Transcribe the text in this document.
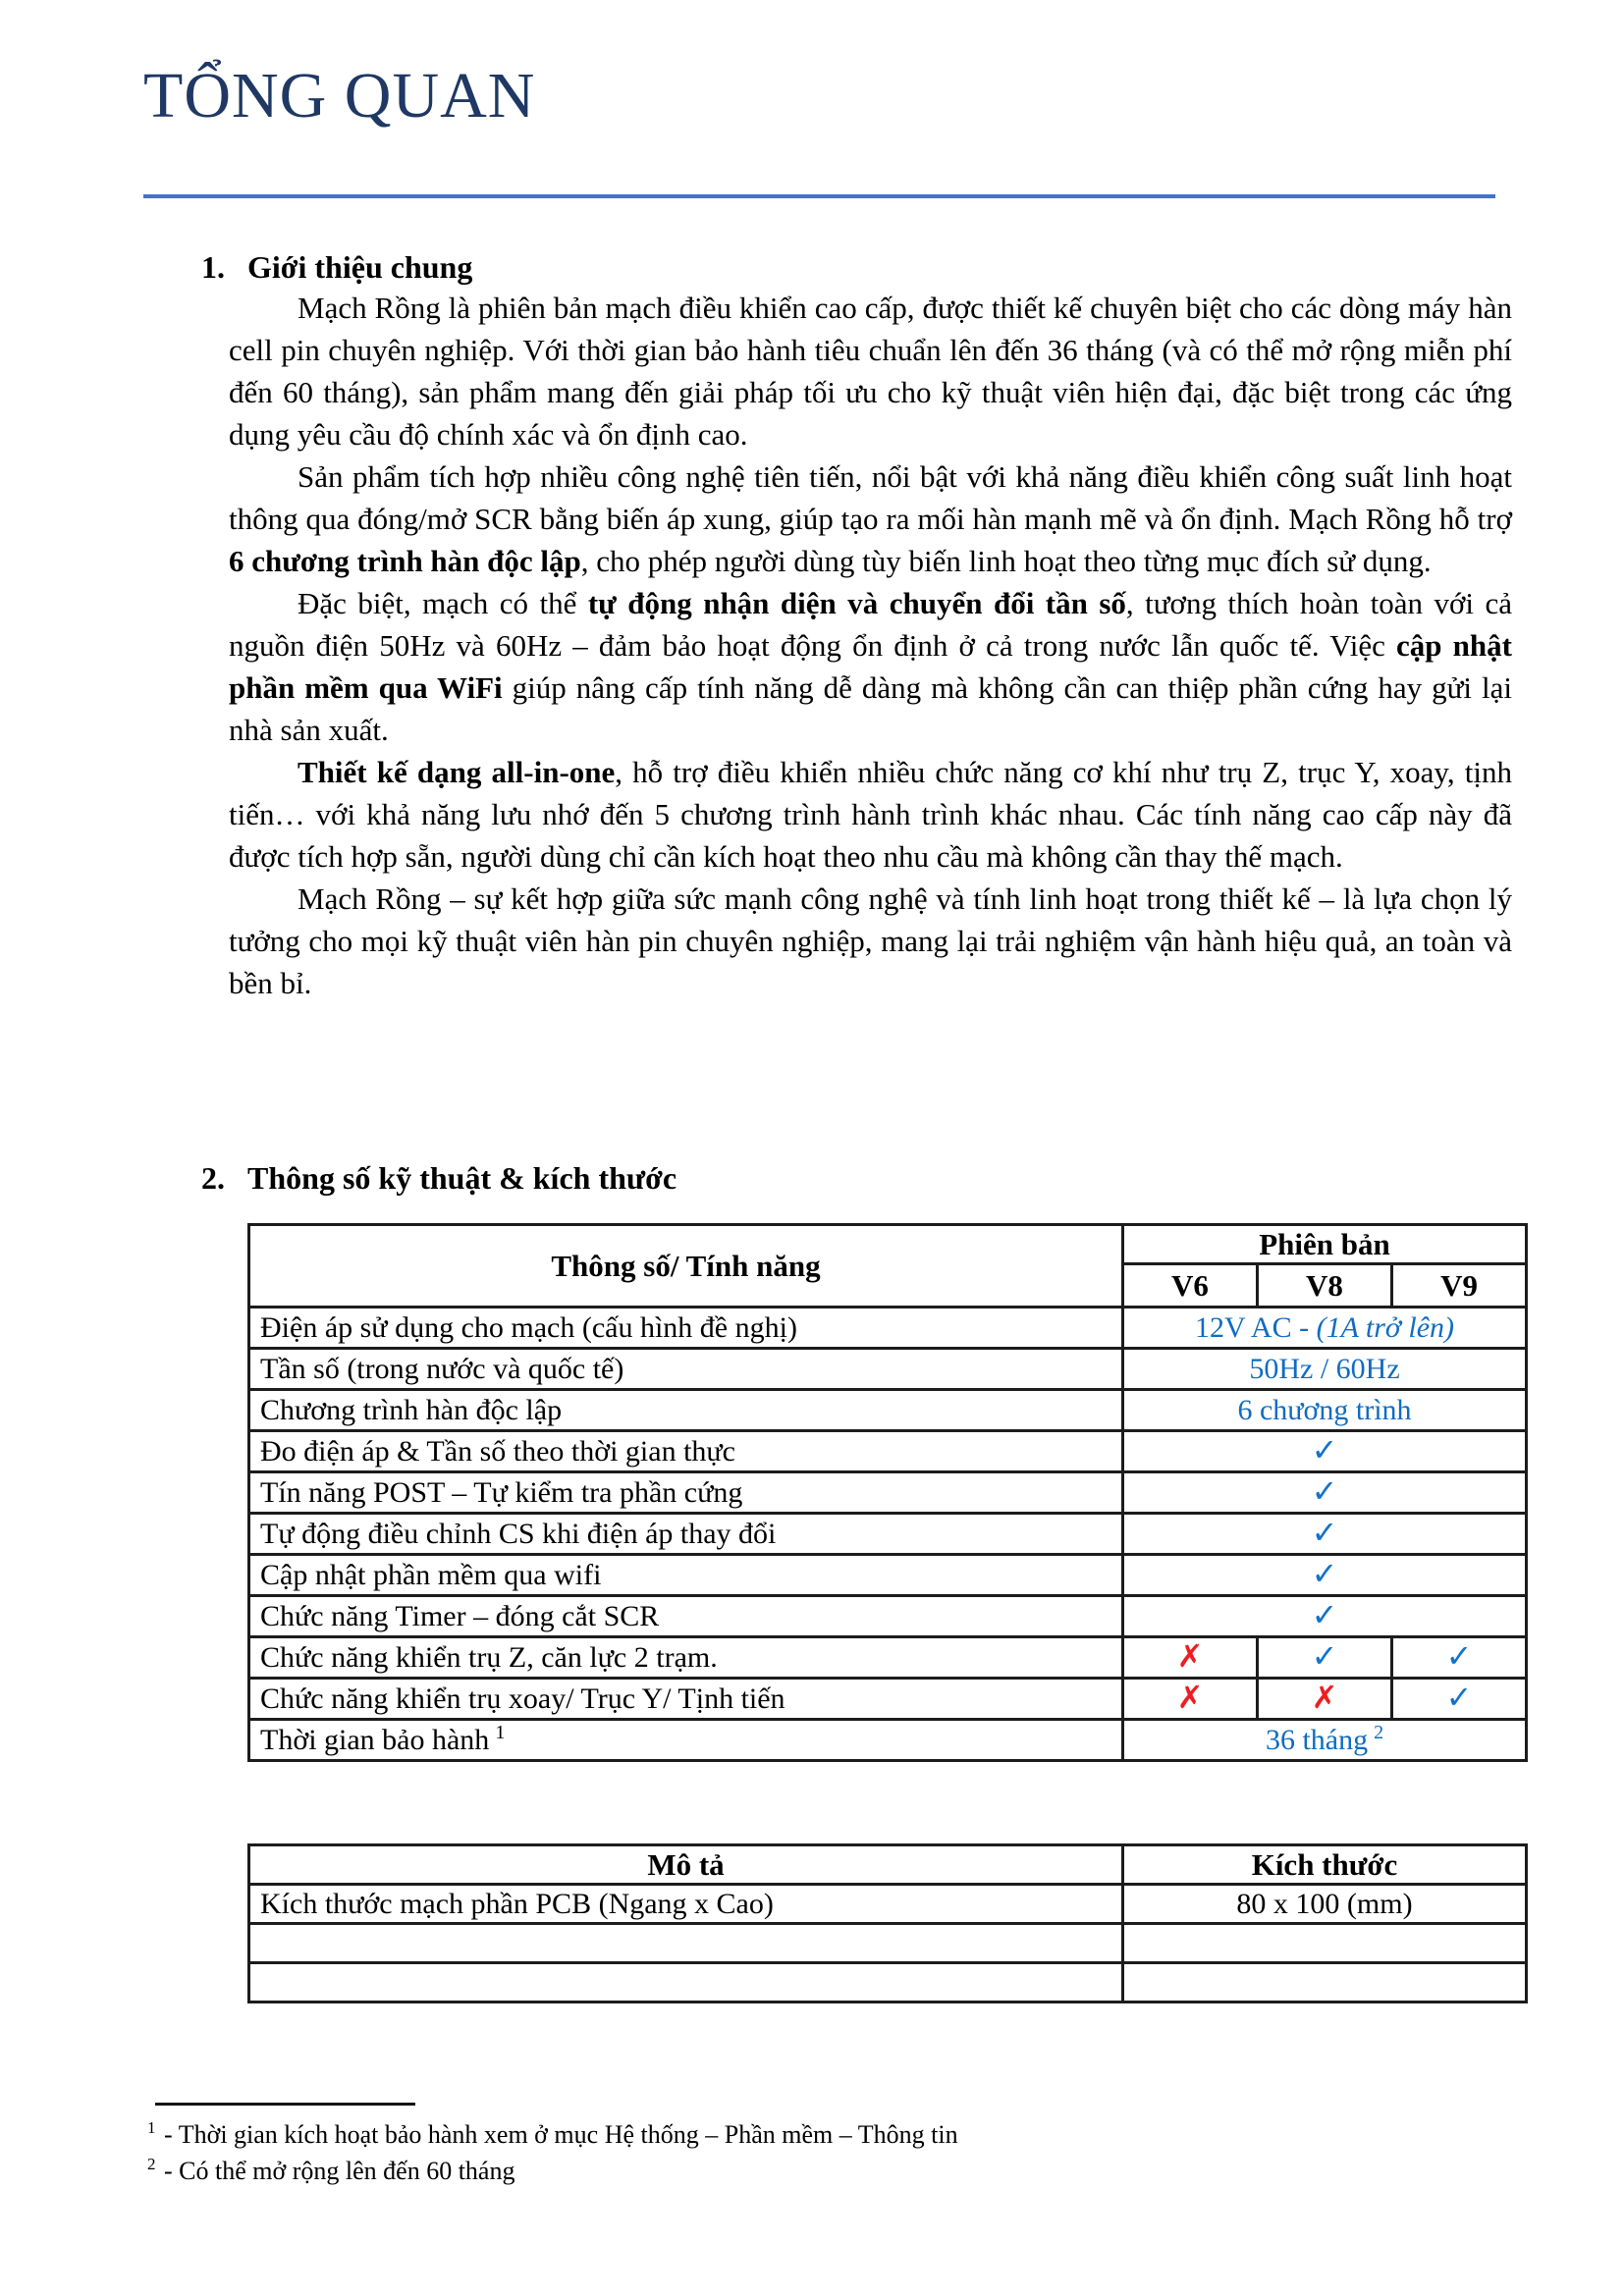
TỔNG QUAN
1. Giới thiệu chung

Mạch Rồng là phiên bản mạch điều khiển cao cấp, được thiết kế chuyên biệt cho các dòng máy hàn cell pin chuyên nghiệp. Với thời gian bảo hành tiêu chuẩn lên đến 36 tháng (và có thể mở rộng miễn phí đến 60 tháng), sản phẩm mang đến giải pháp tối ưu cho kỹ thuật viên hiện đại, đặc biệt trong các ứng dụng yêu cầu độ chính xác và ổn định cao.

Sản phẩm tích hợp nhiều công nghệ tiên tiến, nổi bật với khả năng điều khiển công suất linh hoạt thông qua đóng/mở SCR bằng biến áp xung, giúp tạo ra mối hàn mạnh mẽ và ổn định. Mạch Rồng hỗ trợ 6 chương trình hàn độc lập, cho phép người dùng tùy biến linh hoạt theo từng mục đích sử dụng.

Đặc biệt, mạch có thể tự động nhận diện và chuyển đổi tần số, tương thích hoàn toàn với cả nguồn điện 50Hz và 60Hz – đảm bảo hoạt động ổn định ở cả trong nước lẫn quốc tế. Việc cập nhật phần mềm qua WiFi giúp nâng cấp tính năng dễ dàng mà không cần can thiệp phần cứng hay gửi lại nhà sản xuất.

Thiết kế dạng all-in-one, hỗ trợ điều khiển nhiều chức năng cơ khí như trụ Z, trục Y, xoay, tịnh tiến… với khả năng lưu nhớ đến 5 chương trình hành trình khác nhau. Các tính năng cao cấp này đã được tích hợp sẵn, người dùng chỉ cần kích hoạt theo nhu cầu mà không cần thay thế mạch.

Mạch Rồng – sự kết hợp giữa sức mạnh công nghệ và tính linh hoạt trong thiết kế – là lựa chọn lý tưởng cho mọi kỹ thuật viên hàn pin chuyên nghiệp, mang lại trải nghiệm vận hành hiệu quả, an toàn và bền bỉ.

2. Thông số kỹ thuật & kích thước
Thông số/ Tính năng	Phiên bản		
	V6	V8	V9
Điện áp sử dụng cho mạch (cấu hình đề nghị)	12V AC - (1A trở lên)		
Tần số (trong nước và quốc tế)	50Hz / 60Hz		
Chương trình hàn độc lập	6 chương trình		
Đo điện áp & Tần số theo thời gian thực	✓		
Tín năng POST – Tự kiểm tra phần cứng	✓		
Tự động điều chỉnh CS khi điện áp thay đổi	✓		
Cập nhật phần mềm qua wifi	✓		
Chức năng Timer – đóng cắt SCR	✓		
Chức năng khiển trụ Z, căn lực 2 trạm.	✗	✓	✓
Chức năng khiển trụ xoay/ Trục Y/ Tịnh tiến	✗	✗	✓
Thời gian bảo hành $^1$	36 tháng $^2$
Mô tả	Kích thước
Kích thước mạch phần PCB (Ngang x Cao)	80 x 100 (mm)

$^1$ - Thời gian kích hoạt bảo hành xem ở mục Hệ thống – Phần mềm – Thông tin
$^2$ - Có thể mở rộng lên đến 60 tháng
